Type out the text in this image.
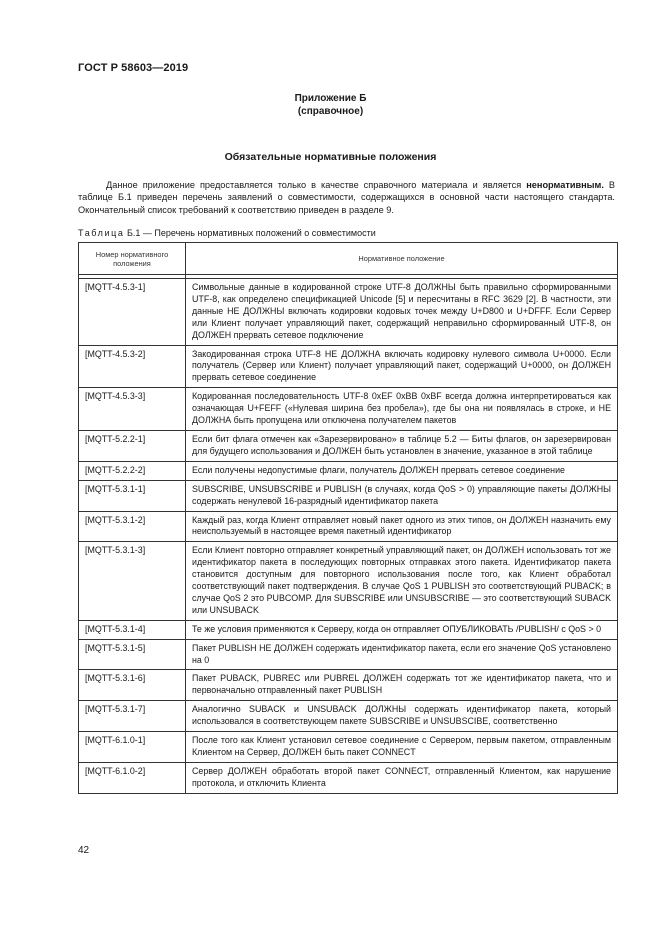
ГОСТ Р 58603—2019
Приложение Б
(справочное)
Обязательные нормативные положения

Данное приложение предоставляется только в качестве справочного материала и является ненормативным. В таблице Б.1 приведен перечень заявлений о совместимости, содержащихся в основной части настоящего стандарта. Окончательный список требований к соответствию приведен в разделе 9.

Таблица Б.1 — Перечень нормативных положений о совместимости
Номер нормативного положения	Нормативное положение

[MQTT-4.5.3-1]	Символьные данные в кодированной строке UTF-8 ДОЛЖНЫ быть правильно сформированными UTF-8, как определено спецификацией Unicode [5] и пересчитаны в RFC 3629 [2]. В частности, эти данные НЕ ДОЛЖНЫ включать кодировки кодовых точек между U+D800 и U+DFFF. Если Сервер или Клиент получает управляющий пакет, содержащий неправильно сформированный UTF-8, он ДОЛЖЕН прервать сетевое подключение
[MQTT-4.5.3-2]	Закодированная строка UTF-8 НЕ ДОЛЖНА включать кодировку нулевого символа U+0000. Если получатель (Сервер или Клиент) получает управляющий пакет, содержащий U+0000, он ДОЛЖЕН прервать сетевое соединение
[MQTT-4.5.3-3]	Кодированная последовательность UTF-8 0xEF 0xBB 0xBF всегда должна интерпретироваться как означающая U+FEFF («Нулевая ширина без пробела»), где бы она ни появлялась в строке, и НЕ ДОЛЖНА быть пропущена или отключена получателем пакетов
[MQTT-5.2.2-1]	Если бит флага отмечен как «Зарезервировано» в таблице 5.2 — Биты флагов, он зарезервирован для будущего использования и ДОЛЖЕН быть установлен в значение, указанное в этой таблице
[MQTT-5.2.2-2]	Если получены недопустимые флаги, получатель ДОЛЖЕН прервать сетевое соединение
[MQTT-5.3.1-1]	SUBSCRIBE, UNSUBSCRIBE и PUBLISH (в случаях, когда QoS > 0) управляющие пакеты ДОЛЖНЫ содержать ненулевой 16-разрядный идентификатор пакета
[MQTT-5.3.1-2]	Каждый раз, когда Клиент отправляет новый пакет одного из этих типов, он ДОЛЖЕН назначить ему неиспользуемый в настоящее время пакетный идентификатор
[MQTT-5.3.1-3]	Если Клиент повторно отправляет конкретный управляющий пакет, он ДОЛЖЕН использовать тот же идентификатор пакета в последующих повторных отправках этого пакета. Идентификатор пакета становится доступным для повторного использования после того, как Клиент обработал соответствующий пакет подтверждения. В случае QoS 1 PUBLISH это соответствующий PUBACK; в случае QoS 2 это PUBCOMP. Для SUBSCRIBE или UNSUBSCRIBE — это соответствующий SUBACK или UNSUBACK
[MQTT-5.3.1-4]	Те же условия применяются к Серверу, когда он отправляет ОПУБЛИКОВАТЬ /PUBLISH/ с QoS > 0
[MQTT-5.3.1-5]	Пакет PUBLISH НЕ ДОЛЖЕН содержать идентификатор пакета, если его значение QoS установлено на 0
[MQTT-5.3.1-6]	Пакет PUBACK, PUBREC или PUBREL ДОЛЖЕН содержать тот же идентификатор пакета, что и первоначально отправленный пакет PUBLISH
[MQTT-5.3.1-7]	Аналогично SUBACK и UNSUBACK ДОЛЖНЫ содержать идентификатор пакета, который использовался в соответствующем пакете SUBSCRIBE и UNSUBSCIBE, соответственно
[MQTT-6.1.0-1]	После того как Клиент установил сетевое соединение с Сервером, первым пакетом, отправленным Клиентом на Сервер, ДОЛЖЕН быть пакет CONNECT
[MQTT-6.1.0-2]	Сервер ДОЛЖЕН обработать второй пакет CONNECT, отправленный Клиентом, как нарушение протокола, и отключить Клиента
42
